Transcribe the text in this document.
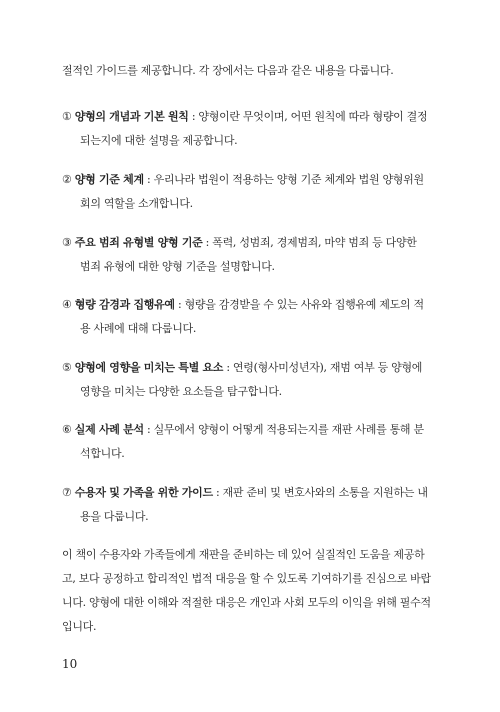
절적인 가이드를 제공합니다. 각 장에서는 다음과 같은 내용을 다룹니다.
① 양형의 개념과 기본 원칙 : 양형이란 무엇이며, 어떤 원칙에 따라 형량이 결정
되는지에 대한 설명을 제공합니다.
② 양형 기준 체계 : 우리나라 법원이 적용하는 양형 기준 체계와 법원 양형위원
회의 역할을 소개합니다.
③ 주요 범죄 유형별 양형 기준 : 폭력, 성범죄, 경제범죄, 마약 범죄 등 다양한
범죄 유형에 대한 양형 기준을 설명합니다.
④ 형량 감경과 집행유예 : 형량을 감경받을 수 있는 사유와 집행유예 제도의 적
용 사례에 대해 다룹니다.
⑤ 양형에 영향을 미치는 특별 요소 : 연령(형사미성년자), 재범 여부 등 양형에
영향을 미치는 다양한 요소들을 탐구합니다.
⑥ 실제 사례 분석 : 실무에서 양형이 어떻게 적용되는지를 재판 사례를 통해 분
석합니다.
⑦ 수용자 및 가족을 위한 가이드 : 재판 준비 및 변호사와의 소통을 지원하는 내
용을 다룹니다.
이 책이 수용자와 가족들에게 재판을 준비하는 데 있어 실질적인 도움을 제공하
고, 보다 공정하고 합리적인 법적 대응을 할 수 있도록 기여하기를 진심으로 바랍
니다. 양형에 대한 이해와 적절한 대응은 개인과 사회 모두의 이익을 위해 필수적
입니다.
10
